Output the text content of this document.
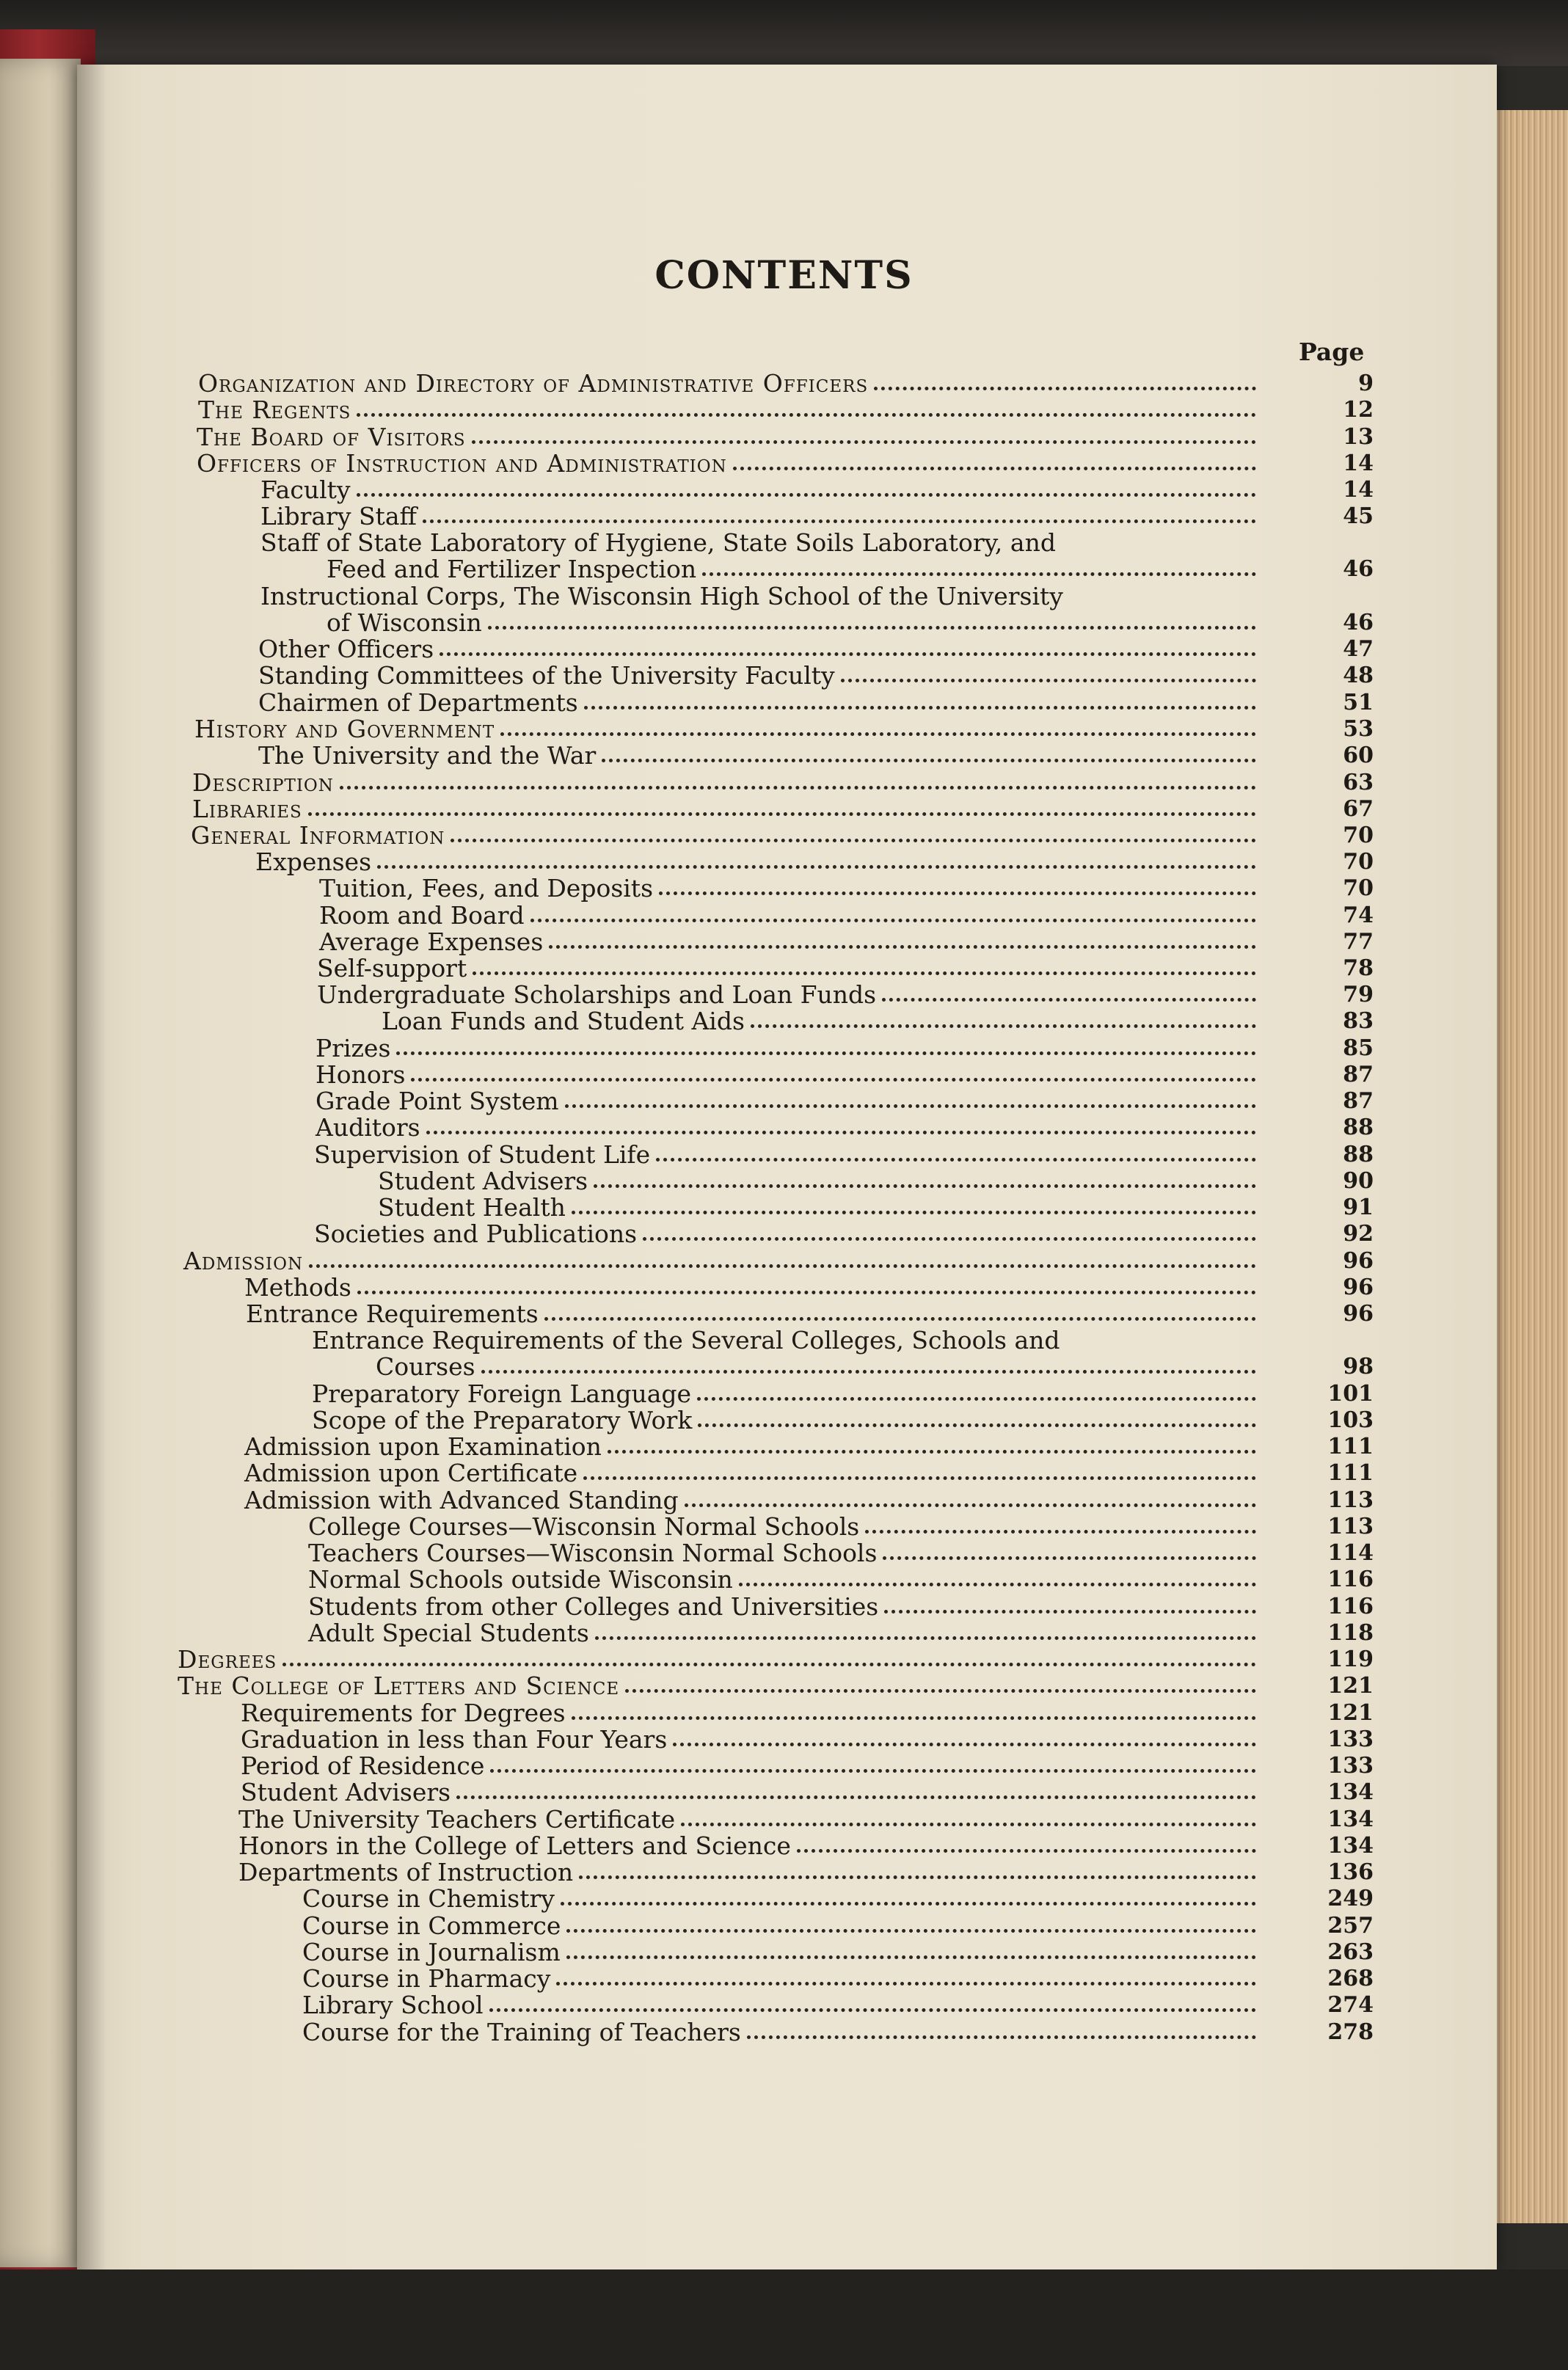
CONTENTS
Page
Organization and Directory of Administrative Officers	9
The Regents	12
The Board of Visitors	13
Officers of Instruction and Administration	14
Faculty	14
Library Staff	45
Staff of State Laboratory of Hygiene, State Soils Laboratory, and
Feed and Fertilizer Inspection	46
Instructional Corps, The Wisconsin High School of the University
of Wisconsin	46
Other Officers	47
Standing Committees of the University Faculty	48
Chairmen of Departments	51
History and Government	53
The University and the War	60
Description	63
Libraries	67
General Information	70
Expenses	70
Tuition, Fees, and Deposits	70
Room and Board	74
Average Expenses	77
Self-support	78
Undergraduate Scholarships and Loan Funds	79
Loan Funds and Student Aids	83
Prizes	85
Honors	87
Grade Point System	87
Auditors	88
Supervision of Student Life	88
Student Advisers	90
Student Health	91
Societies and Publications	92
Admission	96
Methods	96
Entrance Requirements	96
Entrance Requirements of the Several Colleges, Schools and
Courses	98
Preparatory Foreign Language	101
Scope of the Preparatory Work	103
Admission upon Examination	111
Admission upon Certificate	111
Admission with Advanced Standing	113
College Courses—Wisconsin Normal Schools	113
Teachers Courses—Wisconsin Normal Schools	114
Normal Schools outside Wisconsin	116
Students from other Colleges and Universities	116
Adult Special Students	118
Degrees	119
The College of Letters and Science	121
Requirements for Degrees	121
Graduation in less than Four Years	133
Period of Residence	133
Student Advisers	134
The University Teachers Certificate	134
Honors in the College of Letters and Science	134
Departments of Instruction	136
Course in Chemistry	249
Course in Commerce	257
Course in Journalism	263
Course in Pharmacy	268
Library School	274
Course for the Training of Teachers	278
